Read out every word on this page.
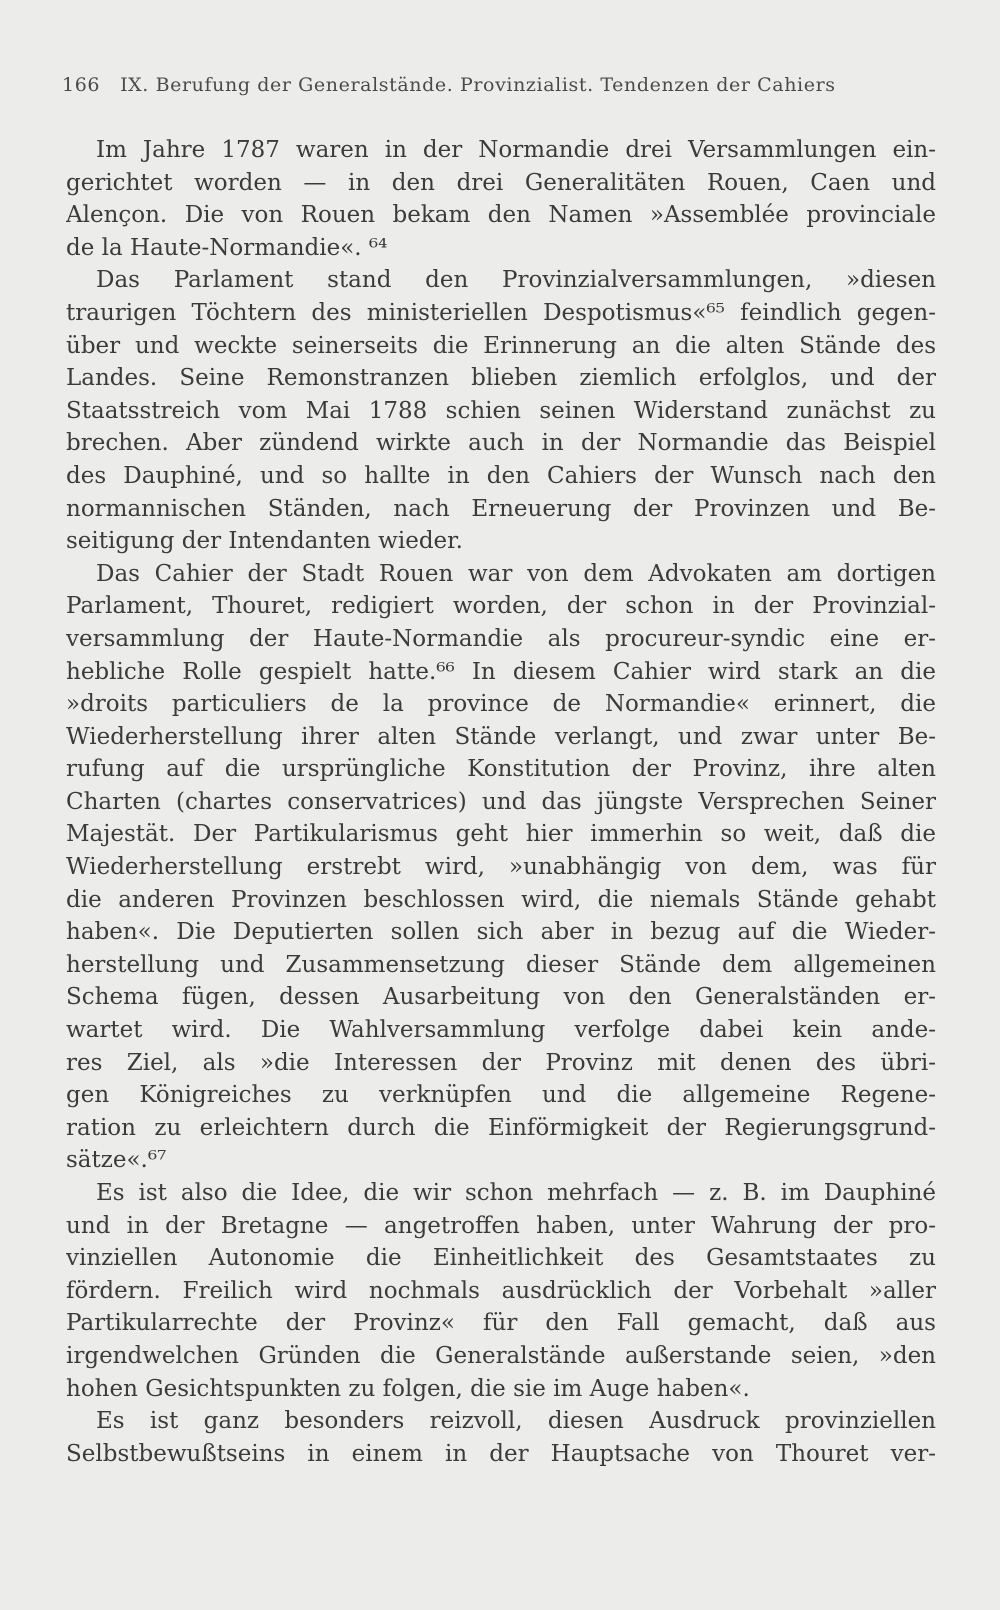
166 IX. Berufung der Generalstände. Provinzialist. Tendenzen der Cahiers
Im Jahre 1787 waren in der Normandie drei Versammlungen ein-
gerichtet worden — in den drei Generalitäten Rouen, Caen und
Alençon. Die von Rouen bekam den Namen »Assemblée provinciale
de la Haute-Normandie«. ⁶⁴
Das Parlament stand den Provinzialversammlungen, »diesen
traurigen Töchtern des ministeriellen Despotismus«⁶⁵ feindlich gegen-
über und weckte seinerseits die Erinnerung an die alten Stände des
Landes. Seine Remonstranzen blieben ziemlich erfolglos, und der
Staatsstreich vom Mai 1788 schien seinen Widerstand zunächst zu
brechen. Aber zündend wirkte auch in der Normandie das Beispiel
des Dauphiné, und so hallte in den Cahiers der Wunsch nach den
normannischen Ständen, nach Erneuerung der Provinzen und Be-
seitigung der Intendanten wieder.
Das Cahier der Stadt Rouen war von dem Advokaten am dortigen
Parlament, Thouret, redigiert worden, der schon in der Provinzial-
versammlung der Haute-Normandie als procureur-syndic eine er-
hebliche Rolle gespielt hatte.⁶⁶ In diesem Cahier wird stark an die
»droits particuliers de la province de Normandie« erinnert, die
Wiederherstellung ihrer alten Stände verlangt, und zwar unter Be-
rufung auf die ursprüngliche Konstitution der Provinz, ihre alten
Charten (chartes conservatrices) und das jüngste Versprechen Seiner
Majestät. Der Partikularismus geht hier immerhin so weit, daß die
Wiederherstellung erstrebt wird, »unabhängig von dem, was für
die anderen Provinzen beschlossen wird, die niemals Stände gehabt
haben«. Die Deputierten sollen sich aber in bezug auf die Wieder-
herstellung und Zusammensetzung dieser Stände dem allgemeinen
Schema fügen, dessen Ausarbeitung von den Generalständen er-
wartet wird. Die Wahlversammlung verfolge dabei kein ande-
res Ziel, als »die Interessen der Provinz mit denen des übri-
gen Königreiches zu verknüpfen und die allgemeine Regene-
ration zu erleichtern durch die Einförmigkeit der Regierungsgrund-
sätze«.⁶⁷
Es ist also die Idee, die wir schon mehrfach — z. B. im Dauphiné
und in der Bretagne — angetroffen haben, unter Wahrung der pro-
vinziellen Autonomie die Einheitlichkeit des Gesamtstaates zu
fördern. Freilich wird nochmals ausdrücklich der Vorbehalt »aller
Partikularrechte der Provinz« für den Fall gemacht, daß aus
irgendwelchen Gründen die Generalstände außerstande seien, »den
hohen Gesichtspunkten zu folgen, die sie im Auge haben«.
Es ist ganz besonders reizvoll, diesen Ausdruck provinziellen
Selbstbewußtseins in einem in der Hauptsache von Thouret ver-
